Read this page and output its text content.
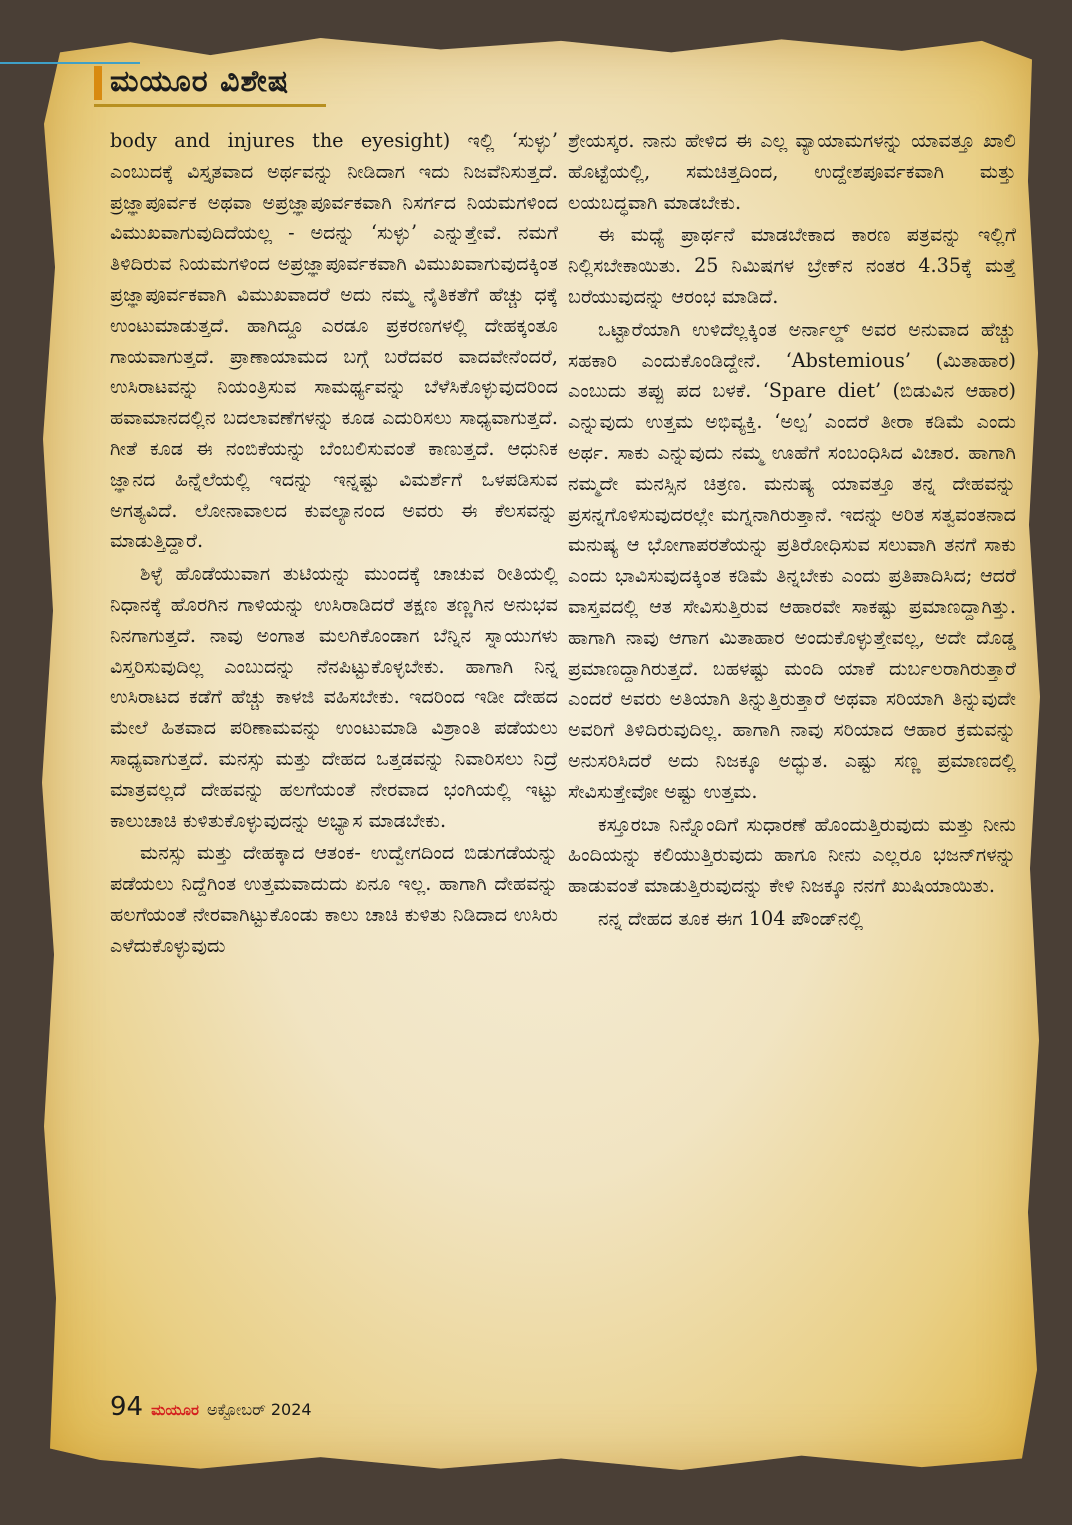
ಮಯೂರ ವಿಶೇಷ

body and injures the eyesight) ಇಲ್ಲಿ ‘ಸುಳ್ಳು’ ಎಂಬುದಕ್ಕೆ ವಿಸ್ತೃತವಾದ ಅರ್ಥವನ್ನು ನೀಡಿದಾಗ ಇದು ನಿಜವೆನಿಸುತ್ತದೆ. ಪ್ರಜ್ಞಾಪೂರ್ವಕ ಅಥವಾ ಅಪ್ರಜ್ಞಾಪೂರ್ವಕವಾಗಿ ನಿಸರ್ಗದ ನಿಯಮಗಳಿಂದ ವಿಮುಖವಾಗುವುದಿದೆಯಲ್ಲ - ಅದನ್ನು ‘ಸುಳ್ಳು’ ಎನ್ನುತ್ತೇವೆ. ನಮಗೆ ತಿಳಿದಿರುವ ನಿಯಮಗಳಿಂದ ಅಪ್ರಜ್ಞಾಪೂರ್ವಕವಾಗಿ ವಿಮುಖವಾಗುವುದಕ್ಕಿಂತ ಪ್ರಜ್ಞಾಪೂರ್ವಕವಾಗಿ ವಿಮುಖವಾದರೆ ಅದು ನಮ್ಮ ನೈತಿಕತೆಗೆ ಹೆಚ್ಚು ಧಕ್ಕೆ ಉಂಟುಮಾಡುತ್ತದೆ. ಹಾಗಿದ್ದೂ ಎರಡೂ ಪ್ರಕರಣಗಳಲ್ಲಿ ದೇಹಕ್ಕಂತೂ ಗಾಯವಾಗುತ್ತದೆ. ಪ್ರಾಣಾಯಾಮದ ಬಗ್ಗೆ ಬರೆದವರ ವಾದವೇನೆಂದರೆ, ಉಸಿರಾಟವನ್ನು ನಿಯಂತ್ರಿಸುವ ಸಾಮರ್ಥ್ಯವನ್ನು ಬೆಳೆಸಿಕೊಳ್ಳುವುದರಿಂದ ಹವಾಮಾನದಲ್ಲಿನ ಬದಲಾವಣೆಗಳನ್ನು ಕೂಡ ಎದುರಿಸಲು ಸಾಧ್ಯವಾಗುತ್ತದೆ. ಗೀತೆ ಕೂಡ ಈ ನಂಬಿಕೆಯನ್ನು ಬೆಂಬಲಿಸುವಂತೆ ಕಾಣುತ್ತದೆ. ಆಧುನಿಕ ಜ್ಞಾನದ ಹಿನ್ನೆಲೆಯಲ್ಲಿ ಇದನ್ನು ಇನ್ನಷ್ಟು ವಿಮರ್ಶೆಗೆ ಒಳಪಡಿಸುವ ಅಗತ್ಯವಿದೆ. ಲೋನಾವಾಲದ ಕುವಲ್ಯಾನಂದ ಅವರು ಈ ಕೆಲಸವನ್ನು ಮಾಡುತ್ತಿದ್ದಾರೆ.

ಶಿಳ್ಳೆ ಹೊಡೆಯುವಾಗ ತುಟಿಯನ್ನು ಮುಂದಕ್ಕೆ ಚಾಚುವ ರೀತಿಯಲ್ಲಿ ನಿಧಾನಕ್ಕೆ ಹೊರಗಿನ ಗಾಳಿಯನ್ನು ಉಸಿರಾಡಿದರೆ ತಕ್ಷಣ ತಣ್ಣಗಿನ ಅನುಭವ ನಿನಗಾಗುತ್ತದೆ. ನಾವು ಅಂಗಾತ ಮಲಗಿಕೊಂಡಾಗ ಬೆನ್ನಿನ ಸ್ನಾಯುಗಳು ವಿಸ್ತರಿಸುವುದಿಲ್ಲ ಎಂಬುದನ್ನು ನೆನಪಿಟ್ಟುಕೊಳ್ಳಬೇಕು. ಹಾಗಾಗಿ ನಿನ್ನ ಉಸಿರಾಟದ ಕಡೆಗೆ ಹೆಚ್ಚು ಕಾಳಜಿ ವಹಿಸಬೇಕು. ಇದರಿಂದ ಇಡೀ ದೇಹದ ಮೇಲೆ ಹಿತವಾದ ಪರಿಣಾಮವನ್ನು ಉಂಟುಮಾಡಿ ವಿಶ್ರಾಂತಿ ಪಡೆಯಲು ಸಾಧ್ಯವಾಗುತ್ತದೆ. ಮನಸ್ಸು ಮತ್ತು ದೇಹದ ಒತ್ತಡವನ್ನು ನಿವಾರಿಸಲು ನಿದ್ರೆ ಮಾತ್ರವಲ್ಲದೆ ದೇಹವನ್ನು ಹಲಗೆಯಂತೆ ನೇರವಾದ ಭಂಗಿಯಲ್ಲಿ ಇಟ್ಟು ಕಾಲುಚಾಚಿ ಕುಳಿತುಕೊಳ್ಳುವುದನ್ನು ಅಭ್ಯಾಸ ಮಾಡಬೇಕು.

ಮನಸ್ಸು ಮತ್ತು ದೇಹಕ್ಕಾದ ಆತಂಕ- ಉದ್ವೇಗದಿಂದ ಬಿಡುಗಡೆಯನ್ನು ಪಡೆಯಲು ನಿದ್ದೆಗಿಂತ ಉತ್ತಮವಾದುದು ಏನೂ ಇಲ್ಲ. ಹಾಗಾಗಿ ದೇಹವನ್ನು ಹಲಗೆಯಂತೆ ನೇರವಾಗಿಟ್ಟುಕೊಂಡು ಕಾಲು ಚಾಚಿ ಕುಳಿತು ನಿಡಿದಾದ ಉಸಿರು ಎಳೆದುಕೊಳ್ಳುವುದು

ಶ್ರೇಯಸ್ಕರ. ನಾನು ಹೇಳಿದ ಈ ಎಲ್ಲ ವ್ಯಾಯಾಮಗಳನ್ನು ಯಾವತ್ತೂ ಖಾಲಿ ಹೊಟ್ಟೆಯಲ್ಲಿ, ಸಮಚಿತ್ತದಿಂದ, ಉದ್ದೇಶಪೂರ್ವಕವಾಗಿ ಮತ್ತು ಲಯಬದ್ಧವಾಗಿ ಮಾಡಬೇಕು.

ಈ ಮಧ್ಯೆ ಪ್ರಾರ್ಥನೆ ಮಾಡಬೇಕಾದ ಕಾರಣ ಪತ್ರವನ್ನು ಇಲ್ಲಿಗೆ ನಿಲ್ಲಿಸಬೇಕಾಯಿತು. 25 ನಿಮಿಷಗಳ ಬ್ರೇಕ್‌ನ ನಂತರ 4.35ಕ್ಕೆ ಮತ್ತೆ ಬರೆಯುವುದನ್ನು ಆರಂಭ ಮಾಡಿದೆ.

ಒಟ್ಟಾರೆಯಾಗಿ ಉಳಿದೆಲ್ಲಕ್ಕಿಂತ ಅರ್ನಾಲ್ಡ್ ಅವರ ಅನುವಾದ ಹೆಚ್ಚು ಸಹಕಾರಿ ಎಂದುಕೊಂಡಿದ್ದೇನೆ. ‘Abstemious’ (ಮಿತಾಹಾರ) ಎಂಬುದು ತಪ್ಪು ಪದ ಬಳಕೆ. ‘Spare diet’ (ಬಿಡುವಿನ ಆಹಾರ) ಎನ್ನುವುದು ಉತ್ತಮ ಅಭಿವ್ಯಕ್ತಿ. ‘ಅಲ್ಪ’ ಎಂದರೆ ತೀರಾ ಕಡಿಮೆ ಎಂದು ಅರ್ಥ. ಸಾಕು ಎನ್ನುವುದು ನಮ್ಮ ಊಹೆಗೆ ಸಂಬಂಧಿಸಿದ ವಿಚಾರ. ಹಾಗಾಗಿ ನಮ್ಮದೇ ಮನಸ್ಸಿನ ಚಿತ್ರಣ. ಮನುಷ್ಯ ಯಾವತ್ತೂ ತನ್ನ ದೇಹವನ್ನು ಪ್ರಸನ್ನಗೊಳಿಸುವುದರಲ್ಲೇ ಮಗ್ನನಾಗಿರುತ್ತಾನೆ. ಇದನ್ನು ಅರಿತ ಸತ್ವವಂತನಾದ ಮನುಷ್ಯ ಆ ಭೋಗಾಪರತೆಯನ್ನು ಪ್ರತಿರೋಧಿಸುವ ಸಲುವಾಗಿ ತನಗೆ ಸಾಕು ಎಂದು ಭಾವಿಸುವುದಕ್ಕಿಂತ ಕಡಿಮೆ ತಿನ್ನಬೇಕು ಎಂದು ಪ್ರತಿಪಾದಿಸಿದ; ಆದರೆ ವಾಸ್ತವದಲ್ಲಿ ಆತ ಸೇವಿಸುತ್ತಿರುವ ಆಹಾರವೇ ಸಾಕಷ್ಟು ಪ್ರಮಾಣದ್ದಾಗಿತ್ತು. ಹಾಗಾಗಿ ನಾವು ಆಗಾಗ ಮಿತಾಹಾರ ಅಂದುಕೊಳ್ಳುತ್ತೇವಲ್ಲ, ಅದೇ ದೊಡ್ಡ ಪ್ರಮಾಣದ್ದಾಗಿರುತ್ತದೆ. ಬಹಳಷ್ಟು ಮಂದಿ ಯಾಕೆ ದುರ್ಬಲರಾಗಿರುತ್ತಾರೆ ಎಂದರೆ ಅವರು ಅತಿಯಾಗಿ ತಿನ್ನುತ್ತಿರುತ್ತಾರೆ ಅಥವಾ ಸರಿಯಾಗಿ ತಿನ್ನುವುದೇ ಅವರಿಗೆ ತಿಳಿದಿರುವುದಿಲ್ಲ. ಹಾಗಾಗಿ ನಾವು ಸರಿಯಾದ ಆಹಾರ ಕ್ರಮವನ್ನು ಅನುಸರಿಸಿದರೆ ಅದು ನಿಜಕ್ಕೂ ಅದ್ಭುತ. ಎಷ್ಟು ಸಣ್ಣ ಪ್ರಮಾಣದಲ್ಲಿ ಸೇವಿಸುತ್ತೇವೋ ಅಷ್ಟು ಉತ್ತಮ.

ಕಸ್ತೂರಬಾ ನಿನ್ನೊಂದಿಗೆ ಸುಧಾರಣೆ ಹೊಂದುತ್ತಿರುವುದು ಮತ್ತು ನೀನು ಹಿಂದಿಯನ್ನು ಕಲಿಯುತ್ತಿರುವುದು ಹಾಗೂ ನೀನು ಎಲ್ಲರೂ ಭಜನ್‌ಗಳನ್ನು ಹಾಡುವಂತೆ ಮಾಡುತ್ತಿರುವುದನ್ನು ಕೇಳಿ ನಿಜಕ್ಕೂ ನನಗೆ ಖುಷಿಯಾಯಿತು.

ನನ್ನ ದೇಹದ ತೂಕ ಈಗ 104 ಪೌಂಡ್‌ನಲ್ಲಿ

94 ಮಯೂರ ಅಕ್ಟೋಬರ್ 2024
